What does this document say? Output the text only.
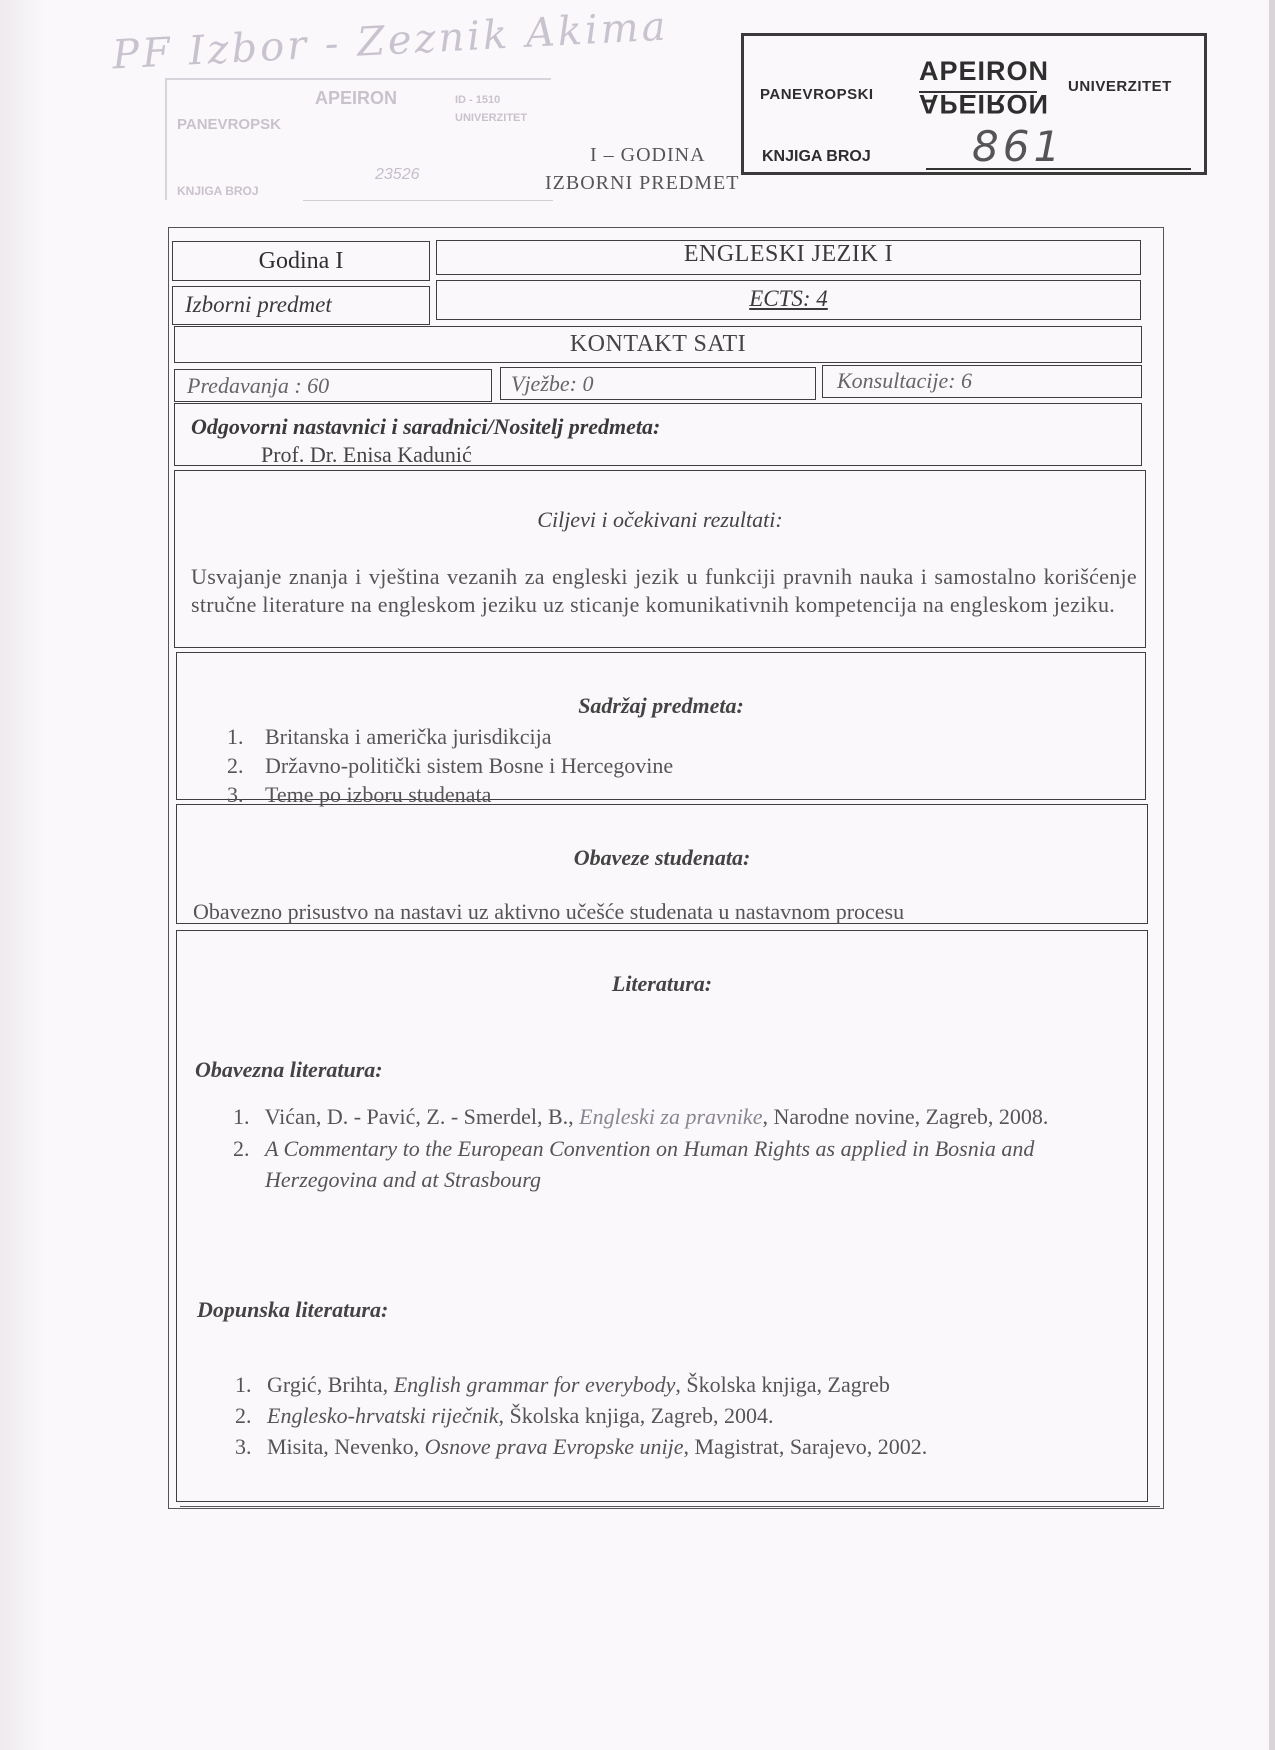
PF Izbor - Zeznik Akima
PANEVROPSK
APEIRON	ID - 1510
KNJIGA BROJ
23526
UNIVERZITET
PANEVROPSKI
APEIRON
APEIRON
UNIVERZITET
KNJIGA BROJ 861
I – GODINA
IZBORNI PREDMET
Godina I	ENGLESKI JEZIK I
Izborni predmet	ECTS: 4
KONTAKT SATI
Predavanja : 60	Vježbe: 0	Konsultacije: 6
Odgovorni nastavnici i saradnici/Nositelj predmeta:
Prof. Dr. Enisa Kadunić
Ciljevi i očekivani rezultati:
Usvajanje znanja i vještina vezanih za engleski jezik u funkciji pravnih nauka i samostalno korišćenje stručne literature na engleskom jeziku uz sticanje komunikativnih kompetencija na engleskom jeziku.
Sadržaj predmeta:
1. Britanska i američka jurisdikcija
2. Državno-politički sistem Bosne i Hercegovine
3. Teme po izboru studenata
Obaveze studenata:
Obavezno prisustvo na nastavi uz aktivno učešće studenata u nastavnom procesu
Literatura:
Obavezna literatura:
1. Vićan, D. - Pavić, Z. - Smerdel, B., Engleski za pravnike, Narodne novine, Zagreb, 2008.
2. A Commentary to the European Convention on Human Rights as applied in Bosnia and Herzegovina and at Strasbourg
Dopunska literatura:
1. Grgić, Brihta, English grammar for everybody, Školska knjiga, Zagreb
2. Englesko-hrvatski riječnik, Školska knjiga, Zagreb, 2004.
3. Misita, Nevenko, Osnove prava Evropske unije, Magistrat, Sarajevo, 2002.
